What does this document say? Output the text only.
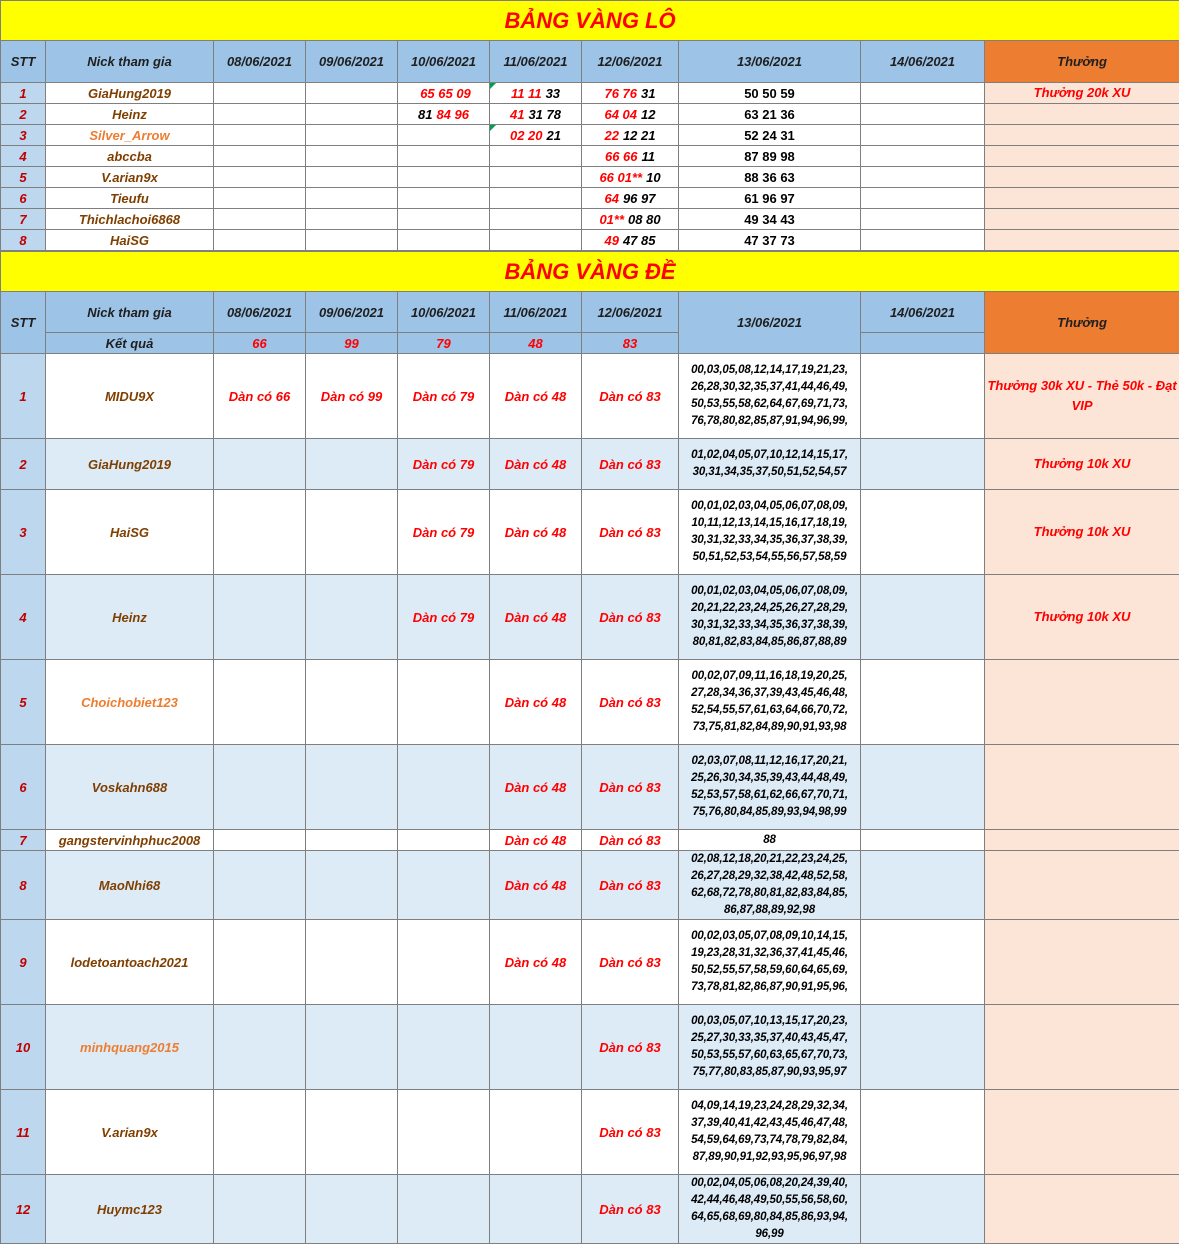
BẢNG VÀNG LÔ									
STT	Nick tham gia	08/06/2021	09/06/2021	10/06/2021	11/06/2021	12/06/2021	13/06/2021	14/06/2021	Thưởng
1	GiaHung2019			65 65 09	11 11 33	76 76 31	50 50 59		Thưởng 20k XU
2	Heinz			81 84 96	41 31 78	64 04 12	63 21 36		
3	Silver_Arrow				02 20 21	22 12 21	52 24 31		
4	abccba					66 66 11	87 89 98		
5	V.arian9x					66 01** 10	88 36 63		
6	Tieufu					64 96 97	61 96 97		
7	Thichlachoi6868					01** 08 80	49 34 43		
8	HaiSG					49 47 85	47 37 73		
BẢNG VÀNG ĐỀ									
STT	Nick tham gia	08/06/2021	09/06/2021	10/06/2021	11/06/2021	12/06/2021	13/06/2021	14/06/2021	Thưởng
	Kết quả	66	99	79	48	83			
1	MIDU9X	Dàn có 66	Dàn có 99	Dàn có 79	Dàn có 48	Dàn có 83	00,03,05,08,12,14,17,19,21,23, 26,28,30,32,35,37,41,44,46,49, 50,53,55,58,62,64,67,69,71,73, 76,78,80,82,85,87,91,94,96,99,		Thưởng 30k XU - Thẻ 50k - Đạt VIP
2	GiaHung2019			Dàn có 79	Dàn có 48	Dàn có 83	01,02,04,05,07,10,12,14,15,17, 30,31,34,35,37,50,51,52,54,57		Thưởng 10k XU
3	HaiSG			Dàn có 79	Dàn có 48	Dàn có 83	00,01,02,03,04,05,06,07,08,09, 10,11,12,13,14,15,16,17,18,19, 30,31,32,33,34,35,36,37,38,39, 50,51,52,53,54,55,56,57,58,59		Thưởng 10k XU
4	Heinz			Dàn có 79	Dàn có 48	Dàn có 83	00,01,02,03,04,05,06,07,08,09, 20,21,22,23,24,25,26,27,28,29, 30,31,32,33,34,35,36,37,38,39, 80,81,82,83,84,85,86,87,88,89		Thưởng 10k XU
5	Choichobiet123				Dàn có 48	Dàn có 83	00,02,07,09,11,16,18,19,20,25, 27,28,34,36,37,39,43,45,46,48, 52,54,55,57,61,63,64,66,70,72, 73,75,81,82,84,89,90,91,93,98		
6	Voskahn688				Dàn có 48	Dàn có 83	02,03,07,08,11,12,16,17,20,21, 25,26,30,34,35,39,43,44,48,49, 52,53,57,58,61,62,66,67,70,71, 75,76,80,84,85,89,93,94,98,99		
7	gangstervinhphuc2008				Dàn có 48	Dàn có 83	88		
8	MaoNhi68				Dàn có 48	Dàn có 83	02,08,12,18,20,21,22,23,24,25, 26,27,28,29,32,38,42,48,52,58, 62,68,72,78,80,81,82,83,84,85, 86,87,88,89,92,98		
9	lodetoantoach2021				Dàn có 48	Dàn có 83	00,02,03,05,07,08,09,10,14,15, 19,23,28,31,32,36,37,41,45,46, 50,52,55,57,58,59,60,64,65,69, 73,78,81,82,86,87,90,91,95,96,		
10	minhquang2015					Dàn có 83	00,03,05,07,10,13,15,17,20,23, 25,27,30,33,35,37,40,43,45,47, 50,53,55,57,60,63,65,67,70,73, 75,77,80,83,85,87,90,93,95,97		
11	V.arian9x					Dàn có 83	04,09,14,19,23,24,28,29,32,34, 37,39,40,41,42,43,45,46,47,48, 54,59,64,69,73,74,78,79,82,84, 87,89,90,91,92,93,95,96,97,98		
12	Huymc123					Dàn có 83	00,02,04,05,06,08,20,24,39,40, 42,44,46,48,49,50,55,56,58,60, 64,65,68,69,80,84,85,86,93,94, 96,99		
